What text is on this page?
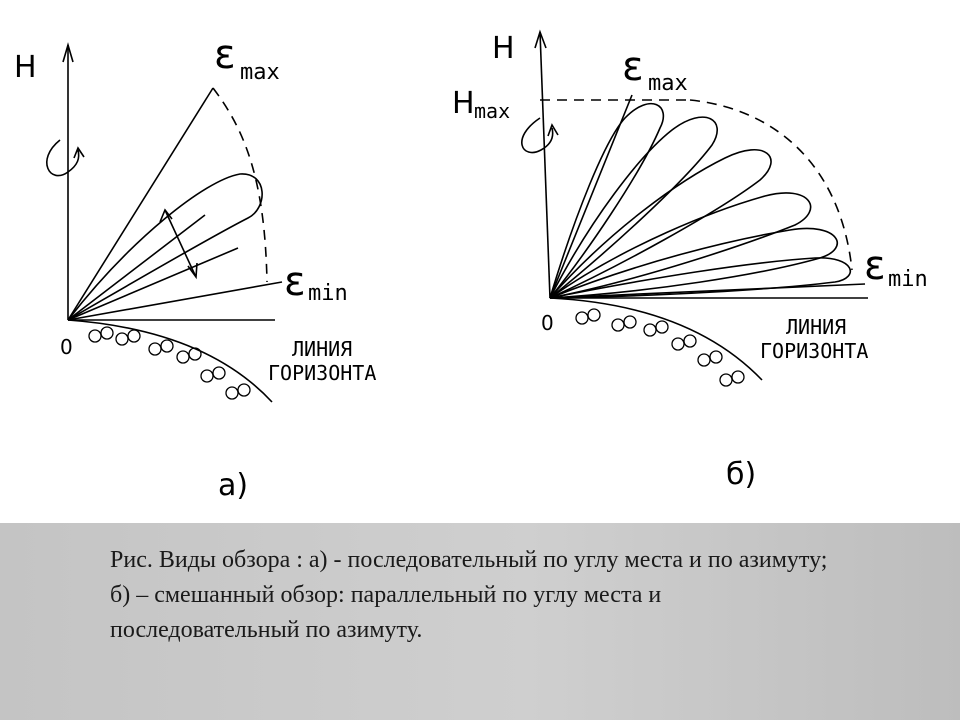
H	ε max
ε min
0	ЛИНИЯ
ГОРИЗОНТА
а)
H
H max
ε max
ε min
0	ЛИНИЯ
ГОРИЗОНТА
б)
Рис. Виды обзора : а) - последовательный по углу места и по азимуту; б) – смешанный обзор: параллельный по углу места и последовательный по азимуту.
